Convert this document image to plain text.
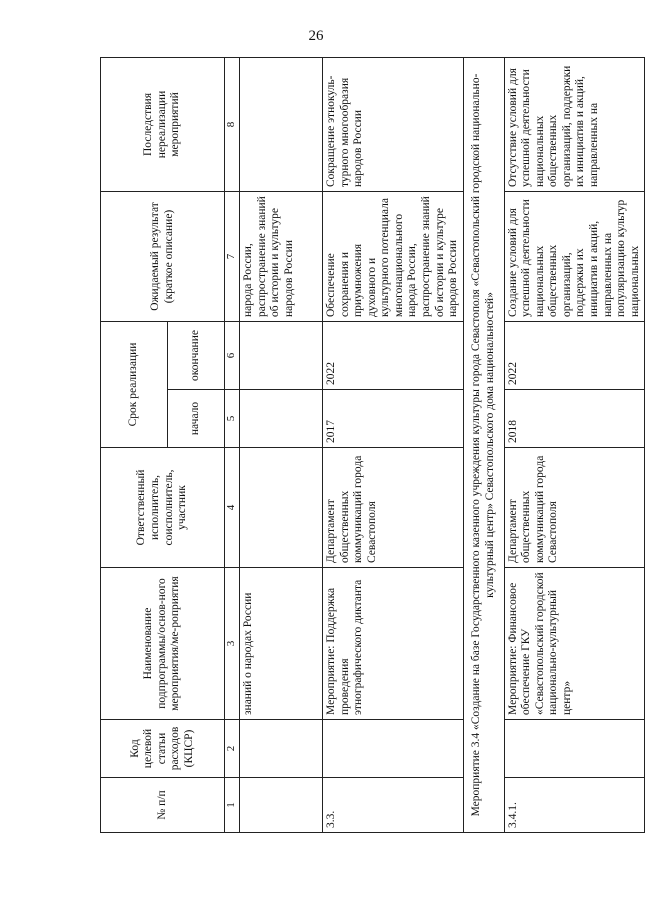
26
№ п/п	Код целевой статьи расходов (КЦСР)	Наименование подпрограммы/основ-ного мероприятия/ме-роприятия	Ответственный исполнитель, соисполнитель, участник	Срок реализации		Ожидаемый результат (краткое описание)	Последствия нереализации мероприятий
				начало	окончание		
1	2	3	4	5	6	7	8
		знаний о народах России				народа России, распространение знаний об истории и культуре народов России	
3.3.		Мероприятие: Поддержка проведения этнографического диктанта	Департамент общественных коммуникаций города Севастополя	2017	2022	Обеспечение сохранения и приумножения духовного и культурного потенциала многонационального народа России, распространение знаний об истории и культуре народов России	Сокращение этнокуль-турного многообразия народов России
Мероприятие 3.4 «Создание на базе Государственного казенного учреждения культуры города Севастополя «Севастопольский городской национально-культурный центр» Севастопольского дома национальностей»							
3.4.1.		Мероприятие: Финансовое обеспечение ГКУ «Севастопольский городской национально-культурный центр»	Департамент общественных коммуникаций города Севастополя	2018	2022	Создание условий для успешной деятельности национальных общественных организаций, поддержки их инициатив и акций, направленных на популяризацию культур национальных	Отсутствие условий для успешной деятельности национальных общественных организаций, поддержки их инициатив и акций, направленных на
